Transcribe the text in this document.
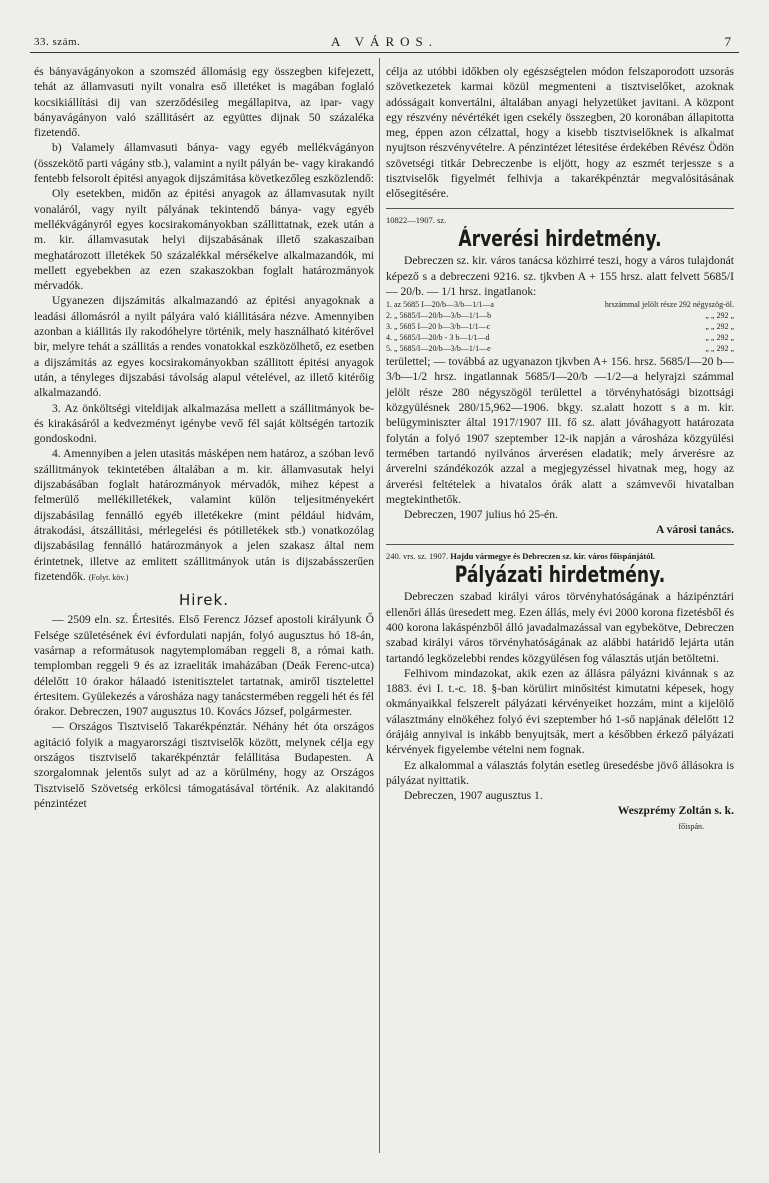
33. szám.	A VÁROS.	7

és bányavágányokon a szomszéd állomásig egy összegben kifejezett, tehát az államvasuti nyilt vonalra eső illetéket is magában foglaló kocsikiállítási dij van szerződésileg megállapitva, az ipar- vagy bányavágányon való szállitásért az együttes dijnak 50 százaléka fizetendő.

b) Valamely államvasuti bánya- vagy egyéb mellékvágányon (összekötő parti vágány stb.), valamint a nyilt pályán be- vagy kirakandó fentebb felsorolt épitési anyagok dijszámitása következőleg eszközlendő:

Oly esetekben, midőn az épitési anyagok az államvasutak nyilt vonaláról, vagy nyilt pályának tekintendő bánya- vagy egyéb mellékvágányról egyes kocsirakományokban szállittatnak, ezek után a m. kir. államvasutak helyi dijszabásának illető szakaszaiban meghatározott illetékek 50 százalékkal mérsékelve alkalmazandók, mi mellett egyebekben az ezen szakaszokban foglalt határozmányok mérvadók.

Ugyanezen dijszámitás alkalmazandó az épitési anyagoknak a leadási állomásról a nyilt pályára való kiállitására nézve. Amennyiben azonban a kiállitás ily rakodóhelyre történik, mely használható kitérővel bir, melyre tehát a szállitás a rendes vonatokkal eszközölhető, ez esetben a dijszámitás az egyes kocsirakományokban szállitott épitési anyagok után, a tényleges dijszabási távolság alapul vételével, az illető kitérőig alkalmazandó.

3. Az önköltségi viteldijak alkalmazása mellett a szállitmányok be- és kirakásáról a kedvezményt igénybe vevő fél saját költségén tartozik gondoskodni.

4. Amennyiben a jelen utasitás másképen nem határoz, a szóban levő szállitmányok tekintetében általában a m. kir. államvasutak helyi dijszabásában foglalt határozmányok mérvadók, mihez képest a felmerülő mellékilletékek, valamint külön teljesitményekért dijszabásilag fennálló egyéb illetékekre (mint például hidvám, átrakodási, átszállitási, mérlegelési és pótilletékek stb.) vonatkozólag dijszabásilag fennálló határozmányok a jelen szakasz által nem érintetnek, illetve az emlitett szállitmányok után is dijszabásszerűen fizetendők. (Folyt. köv.)

Hirek.

— 2509 eln. sz. Értesités. Első Ferencz József apostoli királyunk Ő Felsége születésének évi évfordulati napján, folyó augusztus hó 18-án, vasárnap a reformátusok nagytemplomában reggeli 8, a római kath. templomban reggeli 9 és az izraeliták imaházában (Deák Ferenc-utca) délelőtt 10 órakor hálaadó istenitisztelet tartatnak, amiről tisztelettel értesitem. Gyülekezés a városháza nagy tanácstermében reggeli hét és fél órakor. Debreczen, 1907 augusztus 10. Kovács József, polgármester.

— Országos Tisztviselő Takarékpénztár. Néhány hét óta országos agitáció folyik a magyarországi tisztviselők között, melynek célja egy országos tisztviselő takarékpénztár felállitása Budapesten. A szorgalomnak jelentős sulyt ad az a körülmény, hogy az Országos Tisztviselő Szövetség erkölcsi támogatásával történik. Az alakitandó pénzintézet

célja az utóbbi időkben oly egészségtelen módon felszaporodott uzsorás szövetkezetek karmai közül megmenteni a tisztviselőket, azoknak adósságait konvertálni, általában anyagi helyzetüket javitani. A központ egy részvény névértékét igen csekély összegben, 20 koronában állapitotta meg, éppen azon célzattal, hogy a kisebb tisztviselőknek is alkalmat nyujtson részvényvételre. A pénzintézet létesitése érdekében Révész Ödön szövetségi titkár Debreczenbe is eljött, hogy az eszmét terjessze s a tisztviselők figyelmét felhivja a takarékpénztár megvalósitásának elősegitésére.

10822—1907. sz.
Árverési hirdetmény.

Debreczen sz. kir. város tanácsa közhirré teszi, hogy a város tulajdonát képező s a debreczeni 9216. sz. tjkvben A + 155 hrsz. alatt felvett 5685/I — 20/b. — 1/1 hrsz. ingatlanok:

1. az 5685 I—20/b—3/b—1/1—a	hrszámmal jelölt része 292 négyszög-öl.
2. „ 5685/I—20/b—3/b—1/1—b	„ „ 292 „
3. „ 5685 I—20 b—3/b—1/1—c	„ „ 292 „
4. „ 5685/I—20/b - 3 b—1/1—d	„ „ 292 „
5. „ 5685/I—20/b—3/b—1/1—e	„ „ 292 „

területtel; — továbbá az ugyanazon tjkvben A+ 156. hrsz. 5685/I—20 b—3/b—1/2 hrsz. ingatlannak 5685/I—20/b —1/2—a helyrajzi számmal jelölt része 280 négyszögöl területtel a törvényhatósági bizottsági közgyülésnek 280/15,962—1906. bkgy. sz.alatt hozott s a m. kir. belügyminiszter által 1917/1907 III. fő sz. alatt jóváhagyott határozata folytán a folyó 1907 szeptember 12-ik napján a városháza közgyülési termében tartandó nyilvános árverésen eladatik; mely árverésre az árverelni szándékozók azzal a megjegyzéssel hivatnak meg, hogy az árverési feltételek a hivatalos órák alatt a számvevői hivatalban megtekinthetők.

Debreczen, 1907 julius hó 25-én.

A városi tanács.

240. vrs. sz. 1907. Hajdu vármegye és Debreczen sz. kir. város főispánjától.
Pályázati hirdetmény.

Debreczen szabad királyi város törvényhatóságának a házipénztári ellenőri állás üresedett meg. Ezen állás, mely évi 2000 korona fizetésből és 400 korona lakáspénzből álló javadalmazással van egybekötve, Debreczen szabad királyi város törvényhatóságának az alábbi határidő lejárta után tartandó legközelebbi rendes közgyülésen fog választás utján betöltetni.

Felhivom mindazokat, akik ezen az állásra pályázni kivánnak s az 1883. évi I. t.-c. 18. §-ban körülirt minősitést kimutatni képesek, hogy okmányaikkal felszerelt pályázati kérvényeiket hozzám, mint a kijelölő választmány elnökéhez folyó évi szeptember hó 1-ső napjának délelőtt 12 órájáig annyival is inkább benyujtsák, mert a későbben érkező pályázati kérvények figyelembe vételni nem fognak.

Ez alkalommal a választás folytán esetleg üresedésbe jövő állásokra is pályázat nyittatik.

Debreczen, 1907 augusztus 1.

Weszprémy Zoltán s. k.

főispán.
